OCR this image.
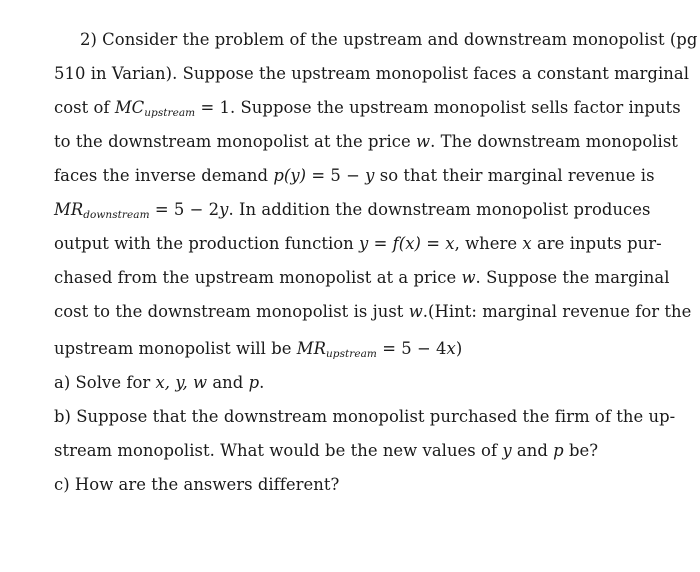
2) Consider the problem of the upstream and downstream monopolist (pg
510 in Varian). Suppose the upstream monopolist faces a constant marginal
cost of MCupstream = 1. Suppose the upstream monopolist sells factor inputs
to the downstream monopolist at the price w. The downstream monopolist
faces the inverse demand p(y) = 5 − y so that their marginal revenue is
MRdownstream = 5 − 2y. In addition the downstream monopolist produces
output with the production function y = f(x) = x, where x are inputs pur-
chased from the upstream monopolist at a price w. Suppose the marginal
cost to the downstream monopolist is just w.(Hint: marginal revenue for the
upstream monopolist will be MRupstream = 5 − 4x)
a) Solve for x, y, w and p.
b) Suppose that the downstream monopolist purchased the firm of the up-
stream monopolist. What would be the new values of y and p be?
c) How are the answers different?
